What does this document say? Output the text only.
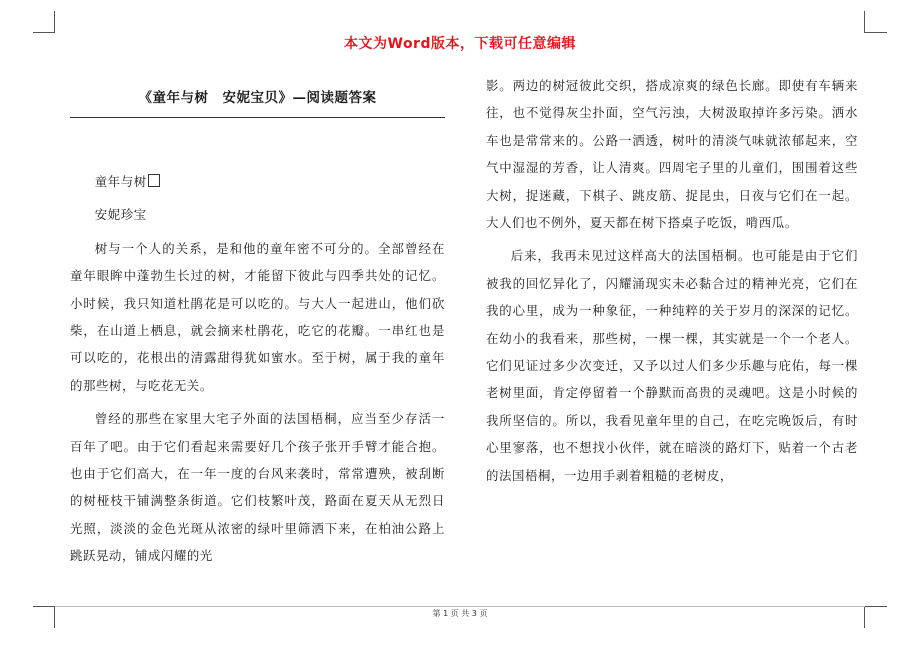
本文为Word版本，下载可任意编辑
《童年与树　安妮宝贝》—阅读题答案

童年与树

安妮珍宝

树与一个人的关系，是和他的童年密不可分的。全部曾经在童年眼眸中蓬勃生长过的树，才能留下彼此与四季共处的记忆。小时候，我只知道杜鹃花是可以吃的。与大人一起进山，他们砍柴，在山道上栖息，就会摘来杜鹃花，吃它的花瓣。一串红也是可以吃的，花根出的清露甜得犹如蜜水。至于树，属于我的童年的那些树，与吃花无关。

曾经的那些在家里大宅子外面的法国梧桐，应当至少存活一百年了吧。由于它们看起来需要好几个孩子张开手臂才能合抱。也由于它们高大，在一年一度的台风来袭时，常常遭殃，被刮断的树桠枝干铺满整条街道。它们枝繁叶茂，路面在夏天从无烈日光照，淡淡的金色光斑从浓密的绿叶里筛洒下来，在柏油公路上跳跃晃动，铺成闪耀的光

影。两边的树冠彼此交织，搭成凉爽的绿色长廊。即使有车辆来往，也不觉得灰尘扑面，空气污浊，大树汲取掉许多污染。洒水车也是常常来的。公路一洒透，树叶的清淡气味就浓郁起来，空气中湿湿的芳香，让人清爽。四周宅子里的儿童们，围围着这些大树，捉迷藏，下棋子、跳皮筋、捉昆虫，日夜与它们在一起。大人们也不例外，夏天都在树下搭桌子吃饭，啃西瓜。

后来，我再未见过这样高大的法国梧桐。也可能是由于它们被我的回忆异化了，闪耀涌现实未必黏合过的精神光亮，它们在我的心里，成为一种象征，一种纯粹的关于岁月的深深的记忆。在幼小的我看来，那些树，一棵一棵，其实就是一个一个老人。它们见证过多少次变迁，又予以过人们多少乐趣与庇佑，每一棵老树里面，肯定停留着一个静默而高贵的灵魂吧。这是小时候的我所坚信的。所以，我看见童年里的自己，在吃完晚饭后，有时心里寥落，也不想找小伙伴，就在暗淡的路灯下，贴着一个古老的法国梧桐，一边用手剥着粗糙的老树皮，

第 1 页 共 3 页
